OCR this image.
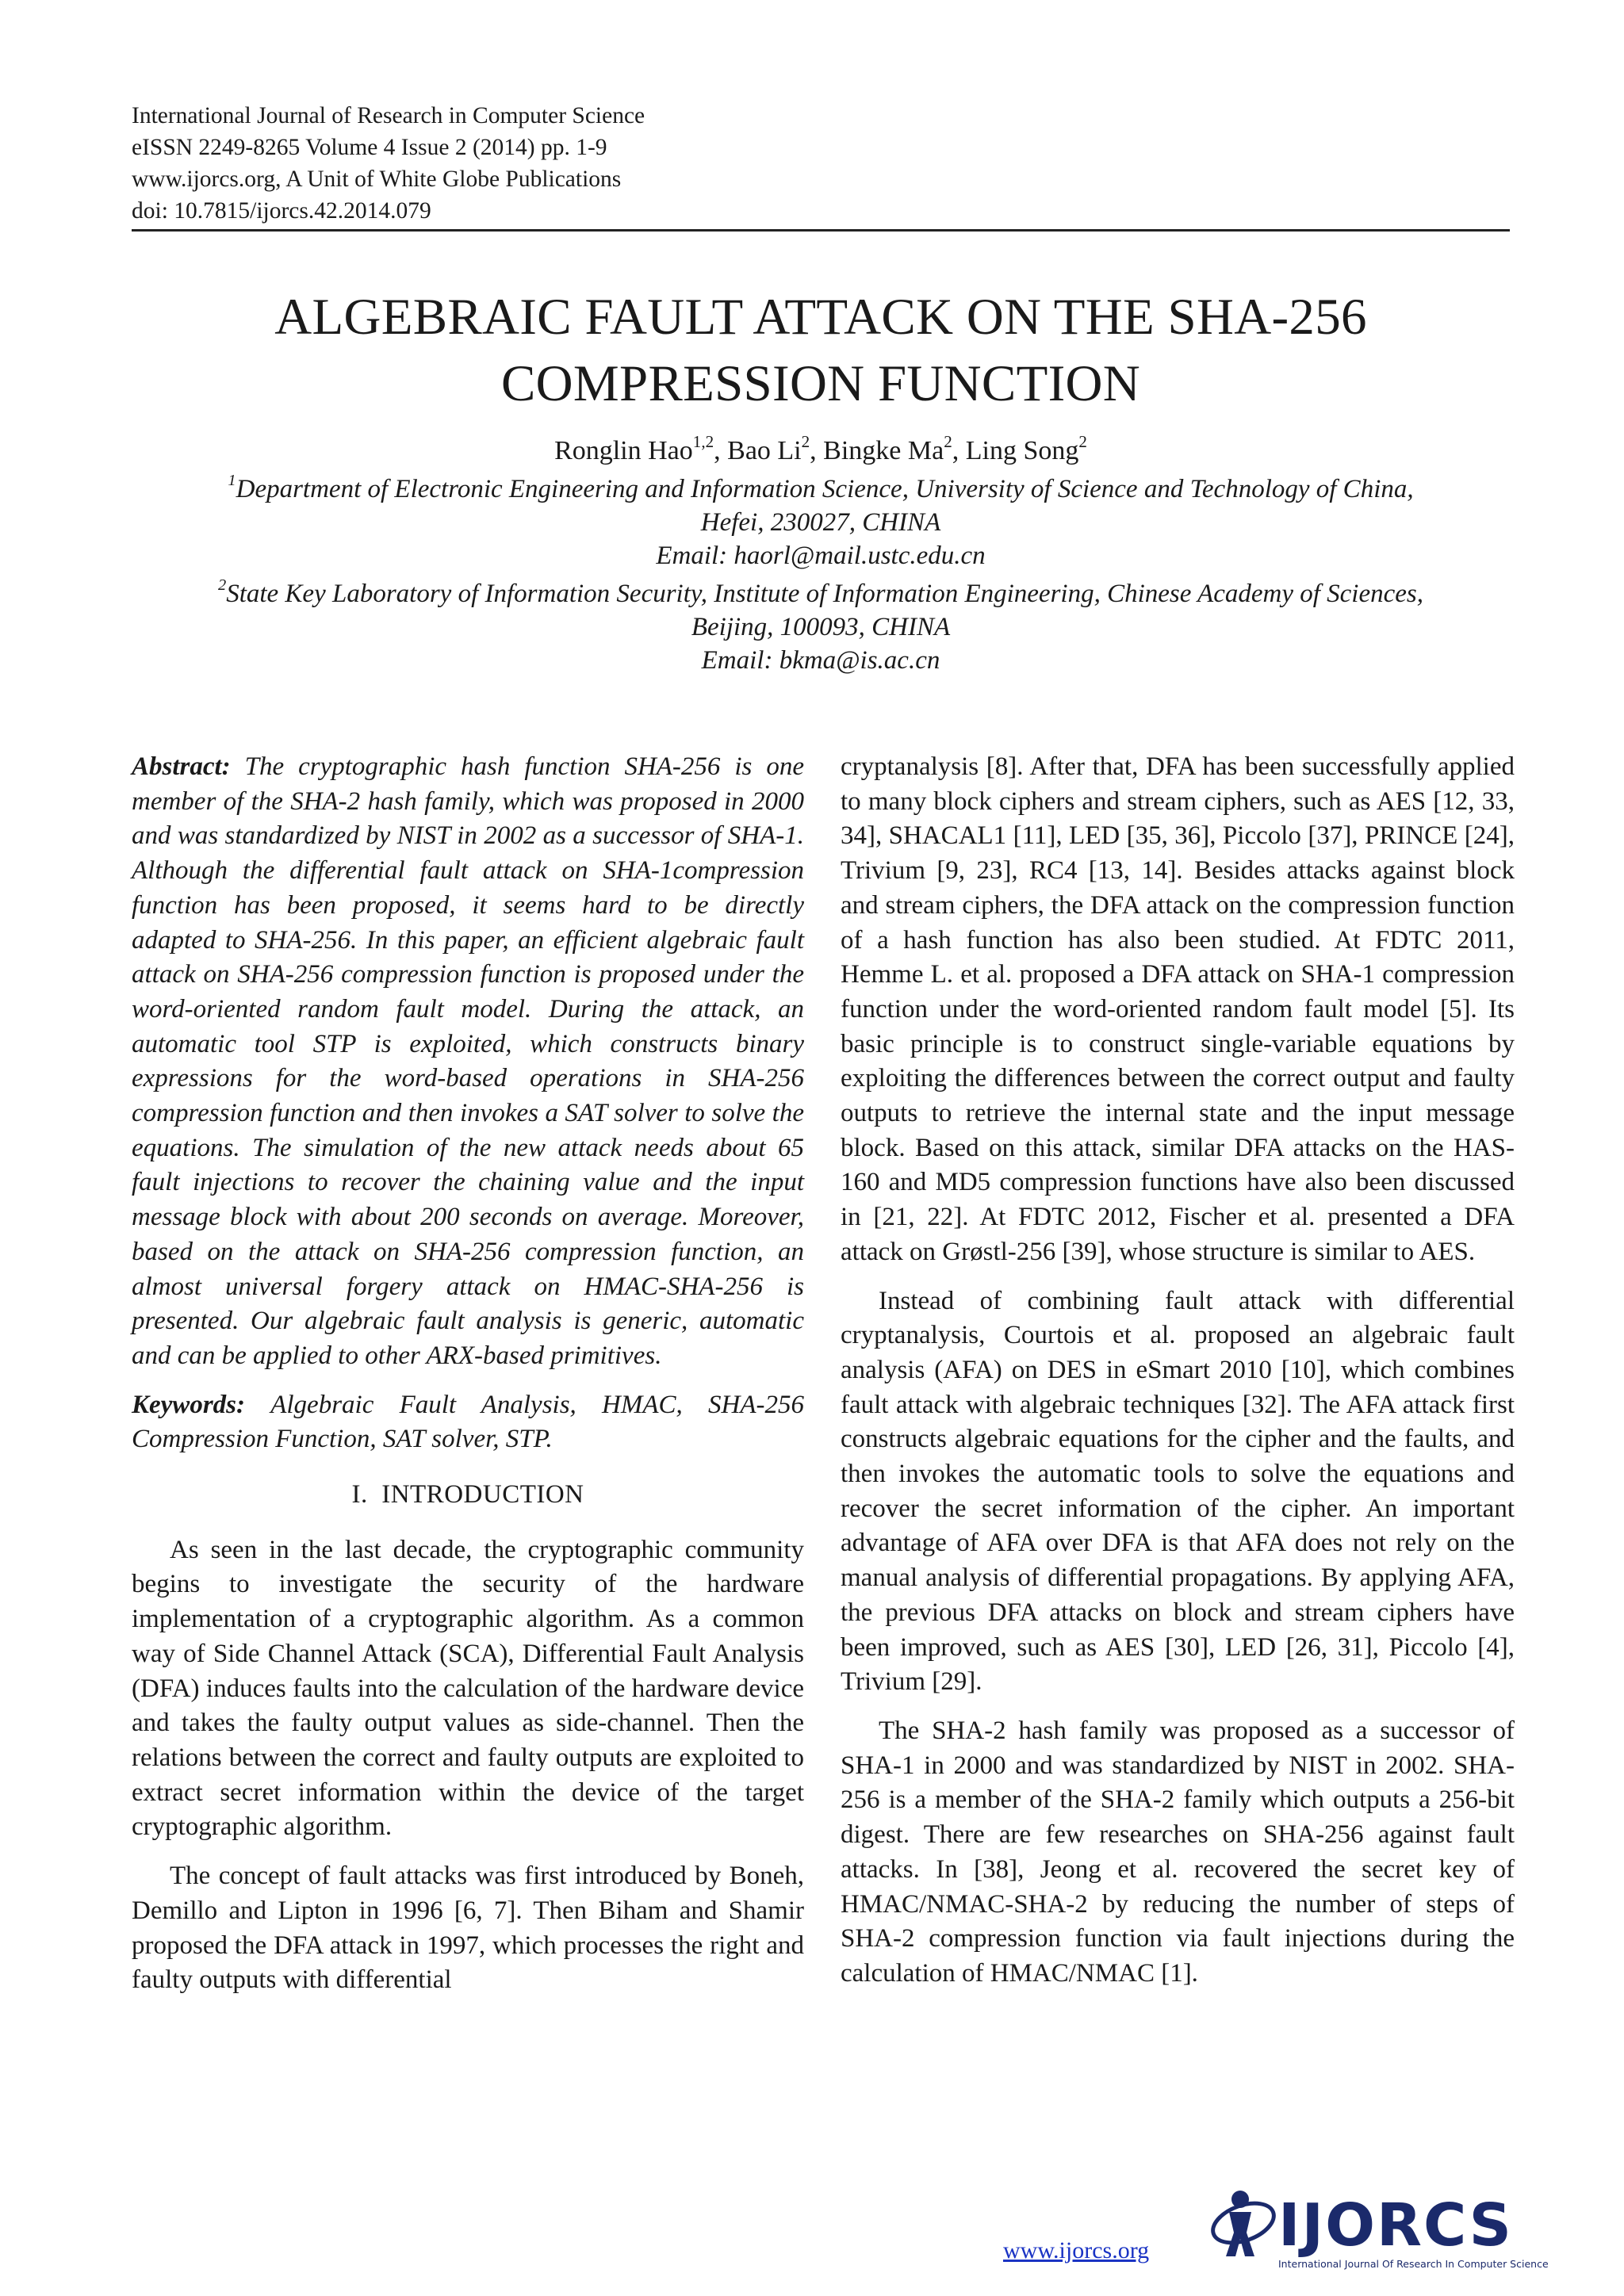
International Journal of Research in Computer Science
eISSN 2249-8265 Volume 4 Issue 2 (2014) pp. 1-9
www.ijorcs.org, A Unit of White Globe Publications
doi: 10.7815/ijorcs.42.2014.079
ALGEBRAIC FAULT ATTACK ON THE SHA-256
COMPRESSION FUNCTION
Ronglin Hao$^{1,2}$, Bao Li$^2$, Bingke Ma$^2$, Ling Song$^2$
$^1$Department of Electronic Engineering and Information Science, University of Science and Technology of China,
Hefei, 230027, CHINA
Email: haorl@mail.ustc.edu.cn
$^2$State Key Laboratory of Information Security, Institute of Information Engineering, Chinese Academy of Sciences,
Beijing, 100093, CHINA
Email: bkma@is.ac.cn

Abstract: The cryptographic hash function SHA-256 is one member of the SHA-2 hash family, which was proposed in 2000 and was standardized by NIST in 2002 as a successor of SHA-1. Although the differential fault attack on SHA-1compression function has been proposed, it seems hard to be directly adapted to SHA-256. In this paper, an efficient algebraic fault attack on SHA-256 compression function is proposed under the word-oriented random fault model. During the attack, an automatic tool STP is exploited, which constructs binary expressions for the word-based operations in SHA-256 compression function and then invokes a SAT solver to solve the equations. The simulation of the new attack needs about 65 fault injections to recover the chaining value and the input message block with about 200 seconds on average. Moreover, based on the attack on SHA-256 compression function, an almost universal forgery attack on HMAC-SHA-256 is presented. Our algebraic fault analysis is generic, automatic and can be applied to other ARX-based primitives.

Keywords: Algebraic Fault Analysis, HMAC, SHA-256 Compression Function, SAT solver, STP.

I.  INTRODUCTION

As seen in the last decade, the cryptographic community begins to investigate the security of the hardware implementation of a cryptographic algorithm. As a common way of Side Channel Attack (SCA), Differential Fault Analysis (DFA) induces faults into the calculation of the hardware device and takes the faulty output values as side-channel. Then the relations between the correct and faulty outputs are exploited to extract secret information within the device of the target cryptographic algorithm.

The concept of fault attacks was first introduced by Boneh, Demillo and Lipton in 1996 [6, 7]. Then Biham and Shamir proposed the DFA attack in 1997, which processes the right and faulty outputs with differential

cryptanalysis [8]. After that, DFA has been successfully applied to many block ciphers and stream ciphers, such as AES [12, 33, 34], SHACAL1 [11], LED [35, 36], Piccolo [37], PRINCE [24], Trivium [9, 23], RC4 [13, 14]. Besides attacks against block and stream ciphers, the DFA attack on the compression function of a hash function has also been studied. At FDTC 2011, Hemme L. et al. proposed a DFA attack on SHA-1 compression function under the word-oriented random fault model [5]. Its basic principle is to construct single-variable equations by exploiting the differences between the correct output and faulty outputs to retrieve the internal state and the input message block. Based on this attack, similar DFA attacks on the HAS-160 and MD5 compression functions have also been discussed in [21, 22]. At FDTC 2012, Fischer et al. presented a DFA attack on Grøstl-256 [39], whose structure is similar to AES.

Instead of combining fault attack with differential cryptanalysis, Courtois et al. proposed an algebraic fault analysis (AFA) on DES in eSmart 2010 [10], which combines fault attack with algebraic techniques [32]. The AFA attack first constructs algebraic equations for the cipher and the faults, and then invokes the automatic tools to solve the equations and recover the secret information of the cipher. An important advantage of AFA over DFA is that AFA does not rely on the manual analysis of differential propagations. By applying AFA, the previous DFA attacks on block and stream ciphers have been improved, such as AES [30], LED [26, 31], Piccolo [4], Trivium [29].

The SHA-2 hash family was proposed as a successor of SHA-1 in 2000 and was standardized by NIST in 2002. SHA-256 is a member of the SHA-2 family which outputs a 256-bit digest. There are few researches on SHA-256 against fault attacks. In [38], Jeong et al. recovered the secret key of HMAC/NMAC-SHA-2 by reducing the number of steps of SHA-2 compression function via fault injections during the calculation of HMAC/NMAC [1].

www.ijorcs.org IJORCS
International Journal Of Research In Computer Science
